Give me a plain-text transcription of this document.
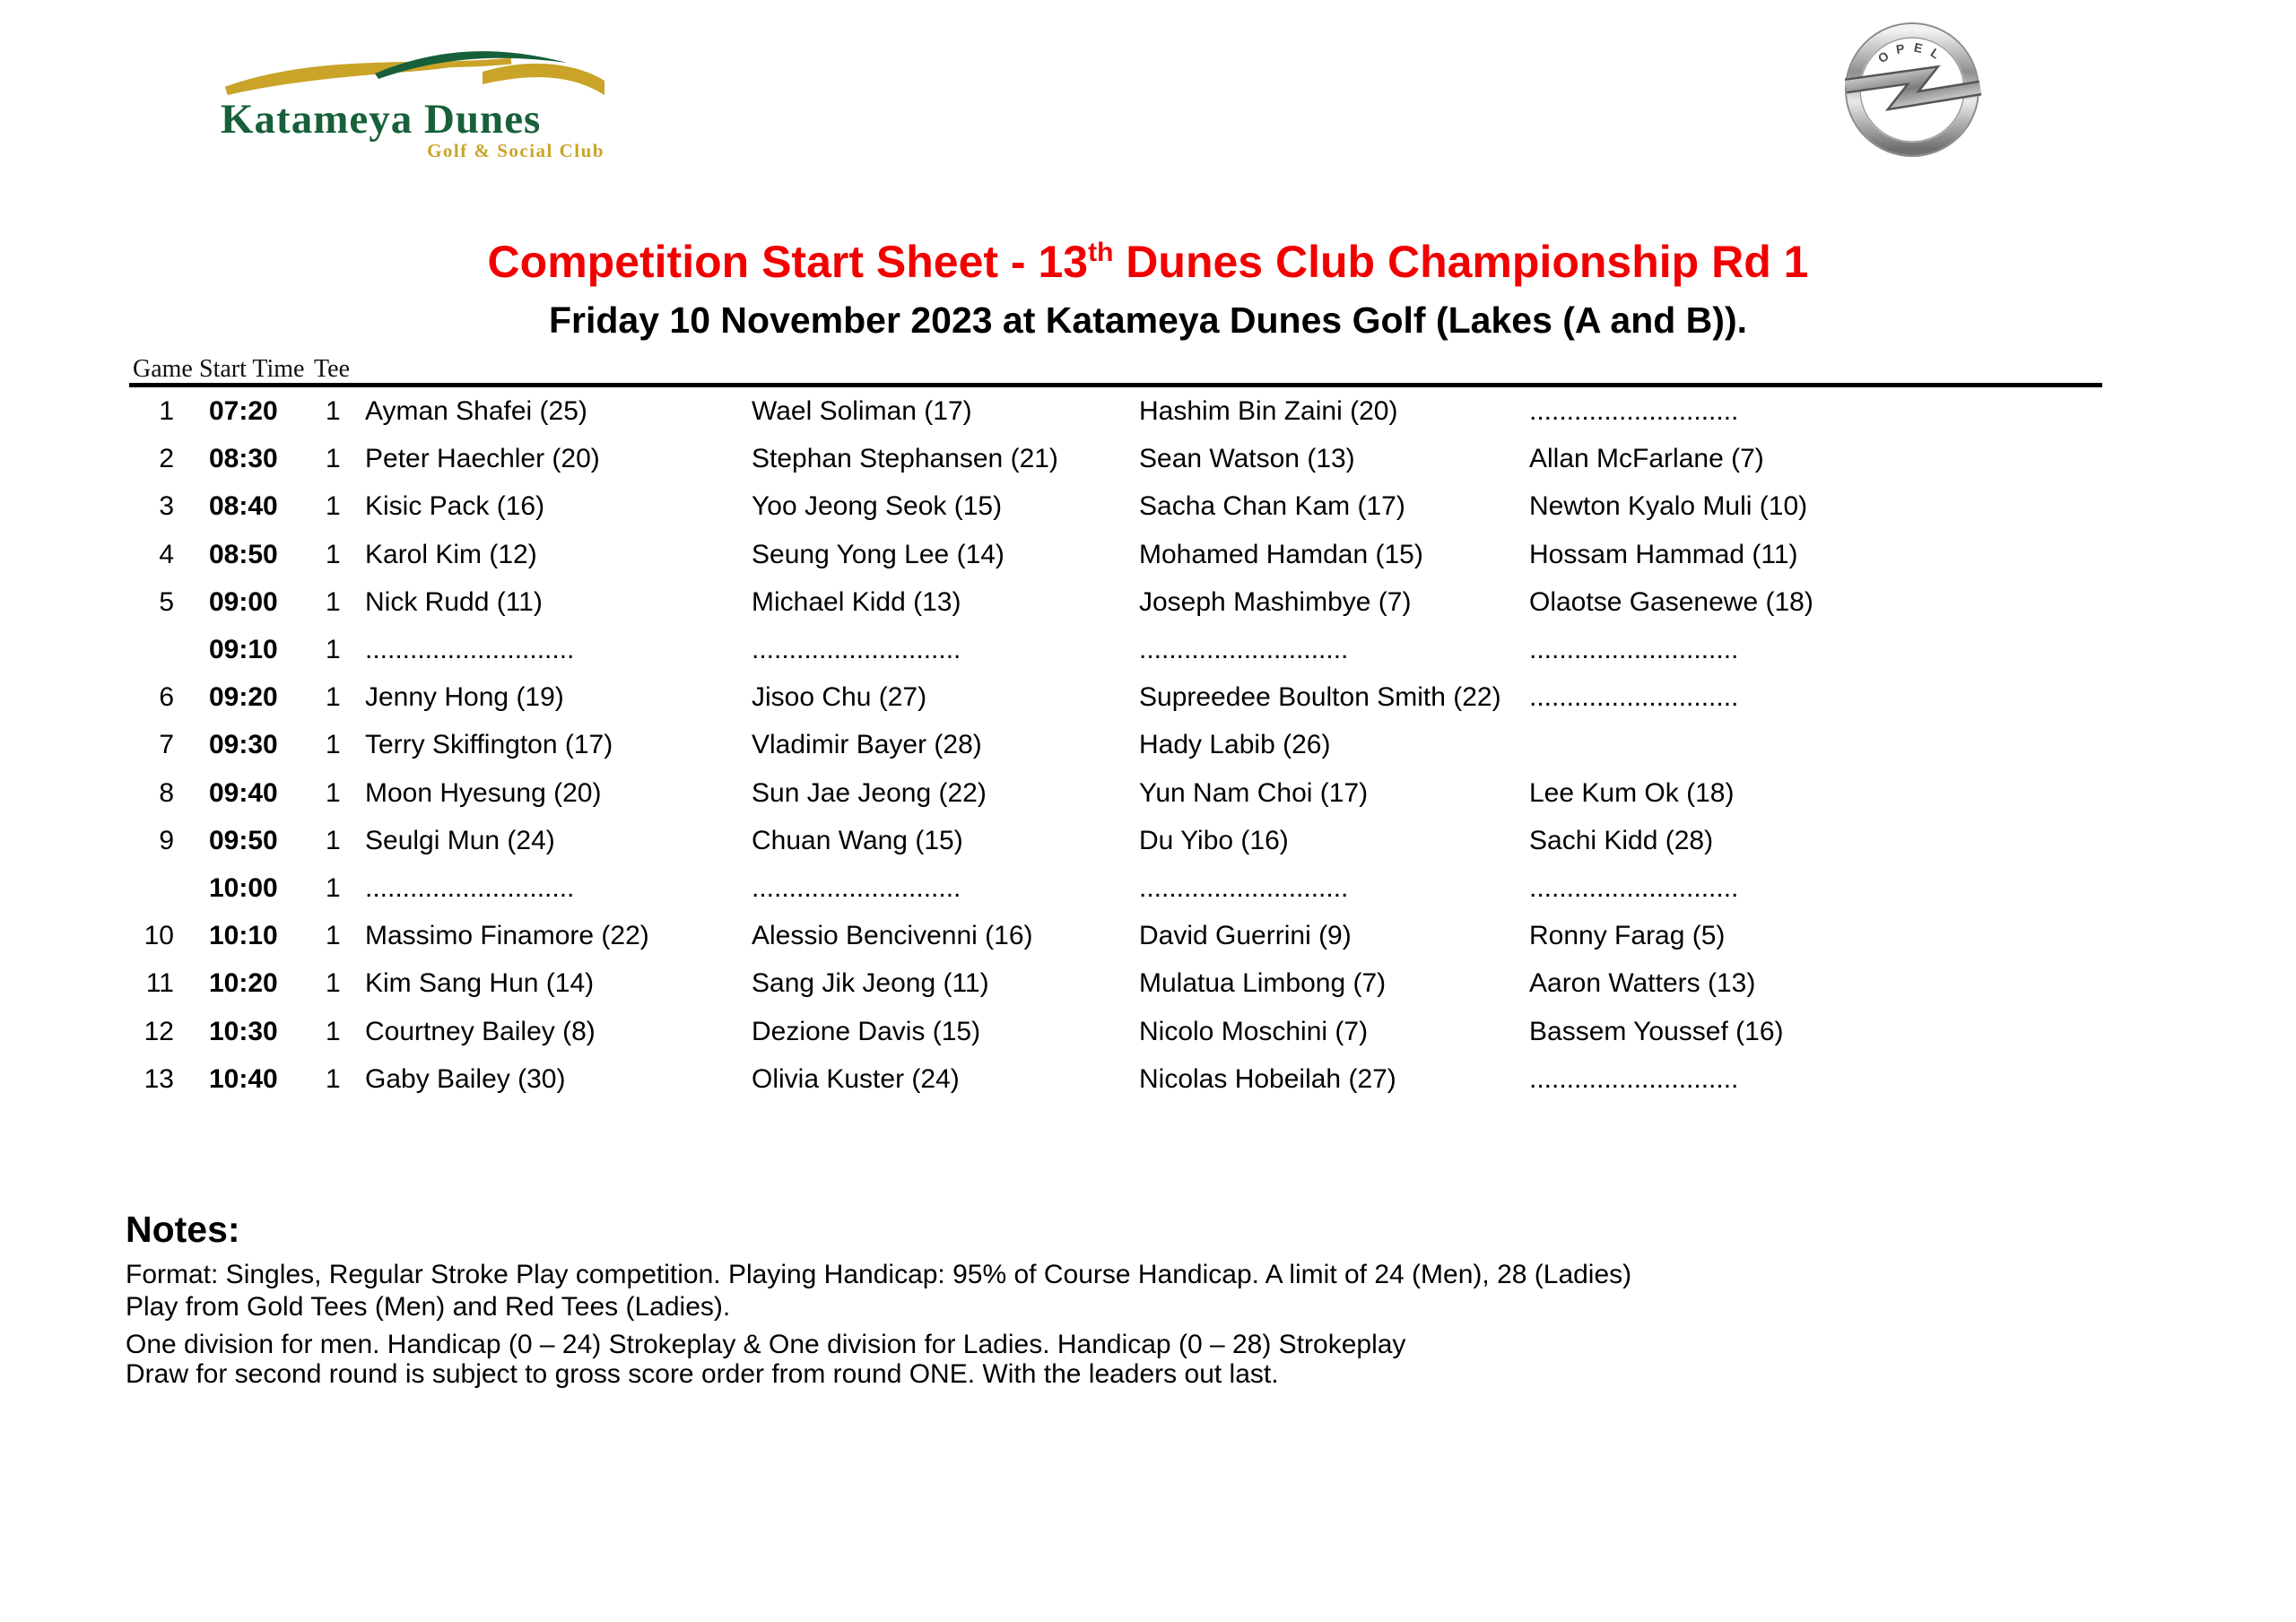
Katameya Dunes
Golf & Social Club
OPEL
Competition Start Sheet - 13th Dunes Club Championship Rd 1
Friday 10 November 2023 at Katameya Dunes Golf (Lakes (A and B)).
Game Start Time Tee
1 07:20 1 Ayman Shafei (25)	Wael Soliman (17)	Hashim Bin Zaini (20)	............................
2 08:30 1 Peter Haechler (20)	Stephan Stephansen (21)	Sean Watson (13)	Allan McFarlane (7)
3 08:40 1 Kisic Pack (16)	Yoo Jeong Seok (15)	Sacha Chan Kam (17)	Newton Kyalo Muli (10)
4 08:50 1 Karol Kim (12)	Seung Yong Lee (14)	Mohamed Hamdan (15)	Hossam Hammad (11)
5 09:00 1 Nick Rudd (11)	Michael Kidd (13)	Joseph Mashimbye (7)	Olaotse Gasenewe (18)
09:10 1 ............................	............................	............................	............................
6 09:20 1 Jenny Hong (19)	Jisoo Chu (27)	Supreedee Boulton Smith (22) ............................
7 09:30 1 Terry Skiffington (17)	Vladimir Bayer (28)	Hady Labib (26)
8 09:40 1 Moon Hyesung (20)	Sun Jae Jeong (22)	Yun Nam Choi (17)	Lee Kum Ok (18)
9 09:50 1 Seulgi Mun (24)	Chuan Wang (15)	Du Yibo (16)	Sachi Kidd (28)
10:00 1 ............................	............................	............................	............................
10 10:10 1 Massimo Finamore (22)	Alessio Bencivenni (16)	David Guerrini (9)	Ronny Farag (5)
11 10:20 1 Kim Sang Hun (14)	Sang Jik Jeong (11)	Mulatua Limbong (7)	Aaron Watters (13)
12 10:30 1 Courtney Bailey (8)	Dezione Davis (15)	Nicolo Moschini (7)	Bassem Youssef (16)
13 10:40 1 Gaby Bailey (30)	Olivia Kuster (24)	Nicolas Hobeilah (27)	............................
Notes:
Format: Singles, Regular Stroke Play competition. Playing Handicap: 95% of Course Handicap. A limit of 24 (Men), 28 (Ladies)
Play from Gold Tees (Men) and Red Tees (Ladies).
One division for men. Handicap (0 – 24) Strokeplay & One division for Ladies. Handicap (0 – 28) Strokeplay
Draw for second round is subject to gross score order from round ONE. With the leaders out last.
